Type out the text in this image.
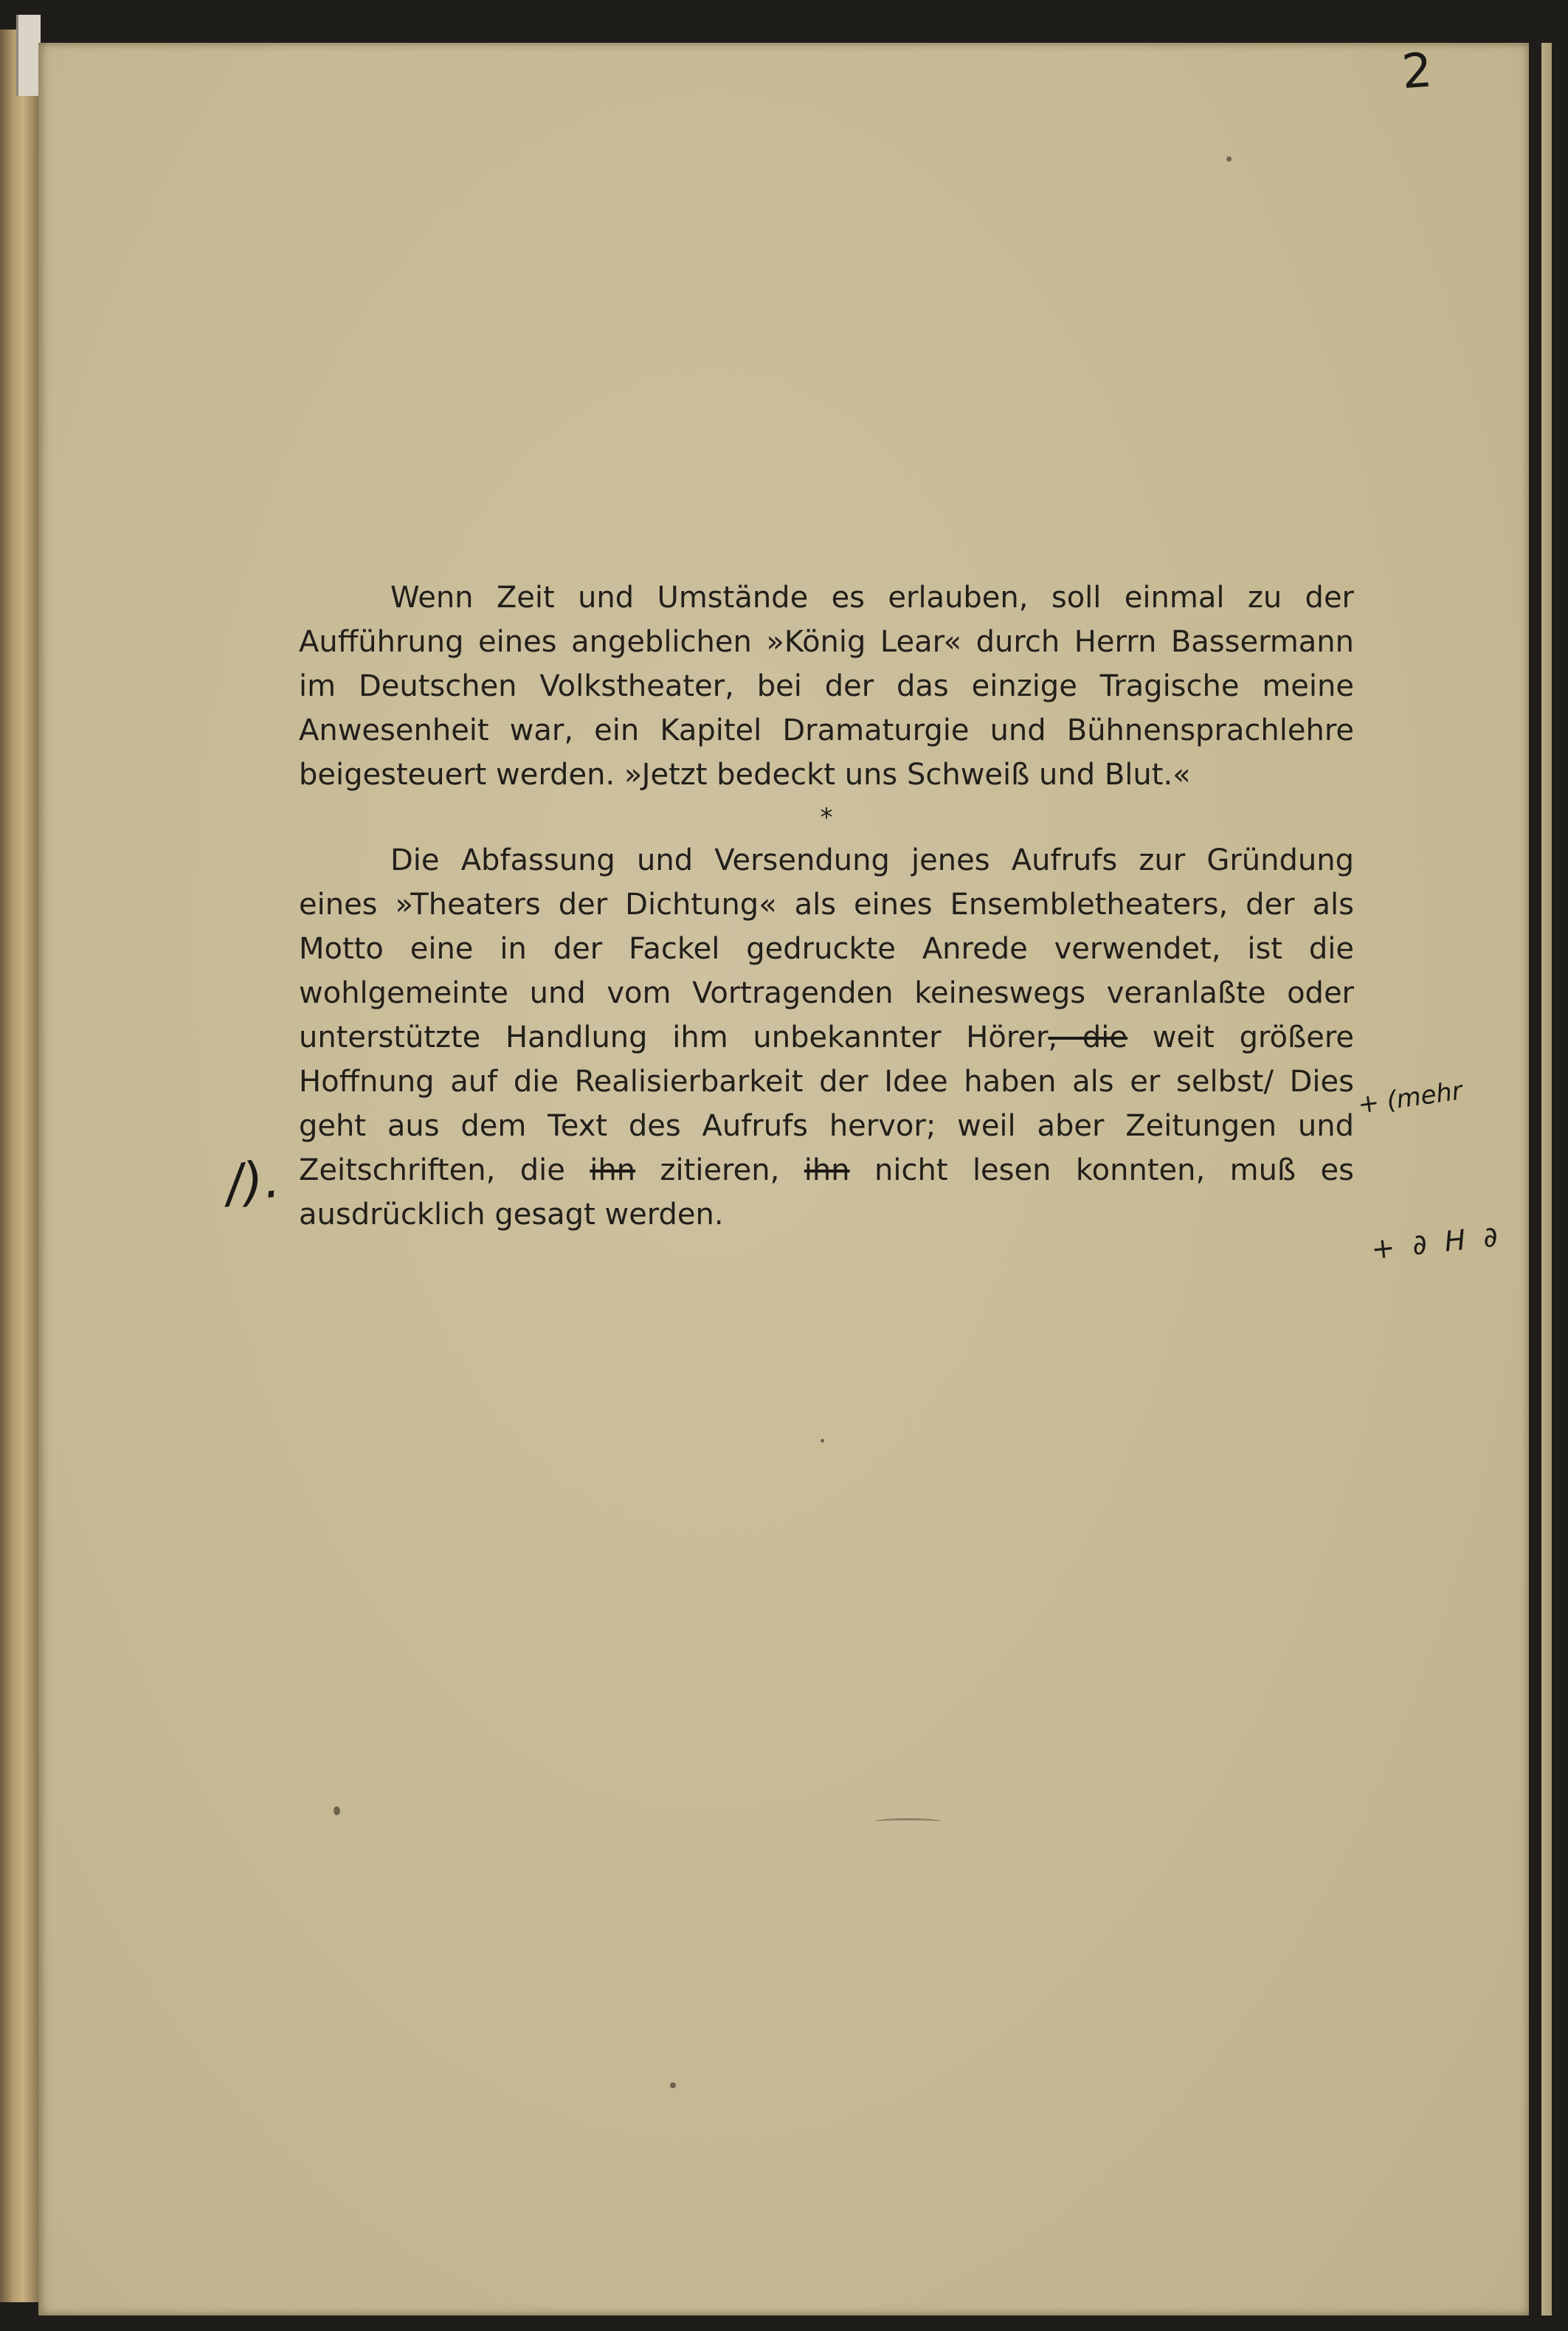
2

Wenn Zeit und Umstände es erlauben, soll einmal zu der Aufführung eines angeblichen »König Lear« durch Herrn Bassermann im Deutschen Volkstheater, bei der das einzige Tragische meine Anwesenheit war, ein Kapitel Dramaturgie und Bühnensprachlehre beigesteuert werden. »Jetzt bedeckt uns Schweiß und Blut.«

*

Die Abfassung und Versendung jenes Aufrufs zur Gründung eines »Theaters der Dichtung« als eines Ensembletheaters, der als Motto eine in der Fackel gedruckte Anrede verwendet, ist die wohlgemeinte und vom Vortragenden keineswegs veranlaßte oder unterstützte Handlung ihm unbekannter Hörer, die weit größere Hoffnung auf die Realisierbarkeit der Idee haben als er selbst/ Dies geht aus dem Text des Aufrufs hervor; weil aber Zeitungen und Zeitschriften, die ihn zitieren, ihn nicht lesen konnten, muß es ausdrücklich gesagt werden.

/).
+ (mehr
+ ∂ H ∂
